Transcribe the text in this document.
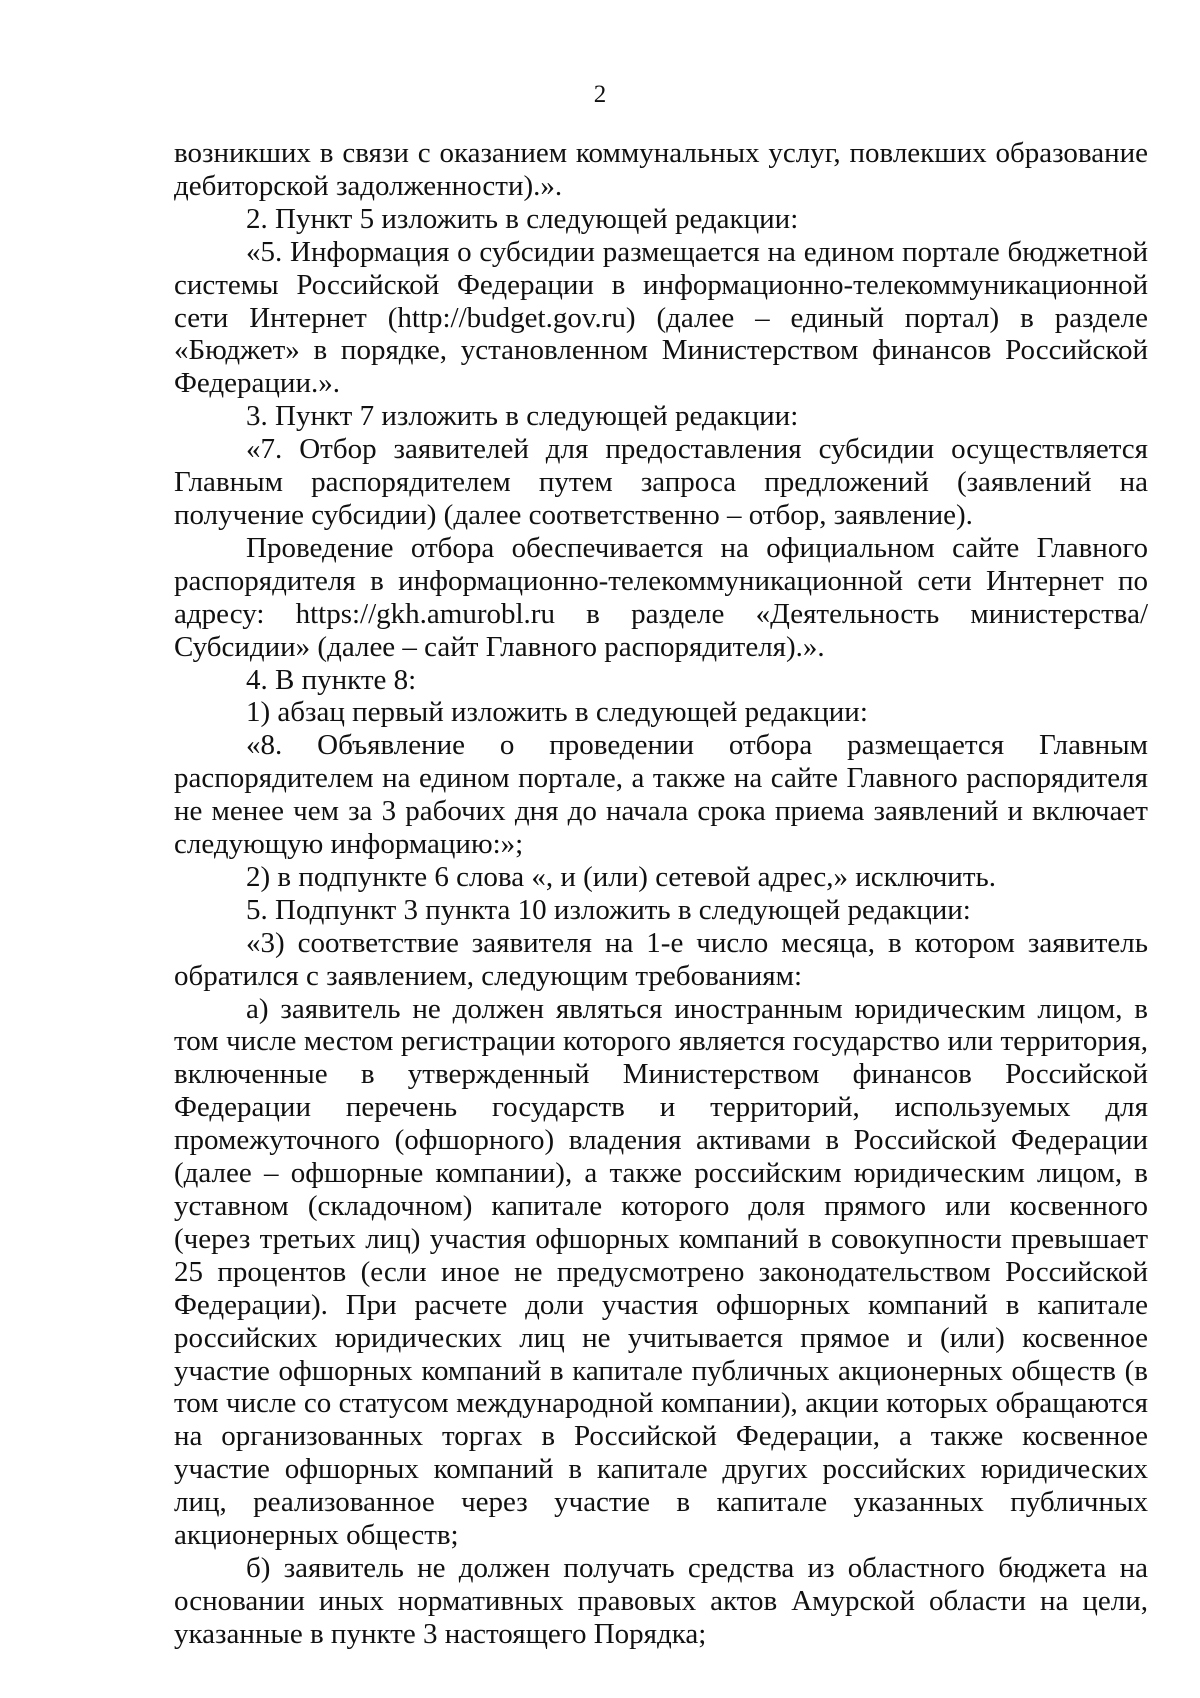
2

возникших в связи с оказанием коммунальных услуг, повлекших образование дебиторской задолженности).».

2. Пункт 5 изложить в следующей редакции:

«5. Информация о субсидии размещается на едином портале бюджетной системы Российской Федерации в информационно-телекоммуникационной сети Интернет (http://budget.gov.ru) (далее – единый портал) в разделе «Бюджет» в порядке, установленном Министерством финансов Российской Федерации.».

3. Пункт 7 изложить в следующей редакции:

«7. Отбор заявителей для предоставления субсидии осуществляется Главным распорядителем путем запроса предложений (заявлений на получение субсидии) (далее соответственно – отбор, заявление).

Проведение отбора обеспечивается на официальном сайте Главного распорядителя в информационно-телекоммуникационной сети Интернет по адресу: https://gkh.amurobl.ru в разделе «Деятельность министерства/Субсидии» (далее – сайт Главного распорядителя).».

4. В пункте 8:

1) абзац первый изложить в следующей редакции:

«8. Объявление о проведении отбора размещается Главным распорядителем на едином портале, а также на сайте Главного распорядителя не менее чем за 3 рабочих дня до начала срока приема заявлений и включает следующую информацию:»;

2) в подпункте 6 слова «, и (или) сетевой адрес,» исключить.

5. Подпункт 3 пункта 10 изложить в следующей редакции:

«3) соответствие заявителя на 1-е число месяца, в котором заявитель обратился с заявлением, следующим требованиям:

а) заявитель не должен являться иностранным юридическим лицом, в том числе местом регистрации которого является государство или территория, включенные в утвержденный Министерством финансов Российской Федерации перечень государств и территорий, используемых для промежуточного (офшорного) владения активами в Российской Федерации (далее – офшорные компании), а также российским юридическим лицом, в уставном (складочном) капитале которого доля прямого или косвенного (через третьих лиц) участия офшорных компаний в совокупности превышает 25 процентов (если иное не предусмотрено законодательством Российской Федерации). При расчете доли участия офшорных компаний в капитале российских юридических лиц не учитывается прямое и (или) косвенное участие офшорных компаний в капитале публичных акционерных обществ (в том числе со статусом международной компании), акции которых обращаются на организованных торгах в Российской Федерации, а также косвенное участие офшорных компаний в капитале других российских юридических лиц, реализованное через участие в капитале указанных публичных акционерных обществ;

б) заявитель не должен получать средства из областного бюджета на основании иных нормативных правовых актов Амурской области на цели, указанные в пункте 3 настоящего Порядка;
